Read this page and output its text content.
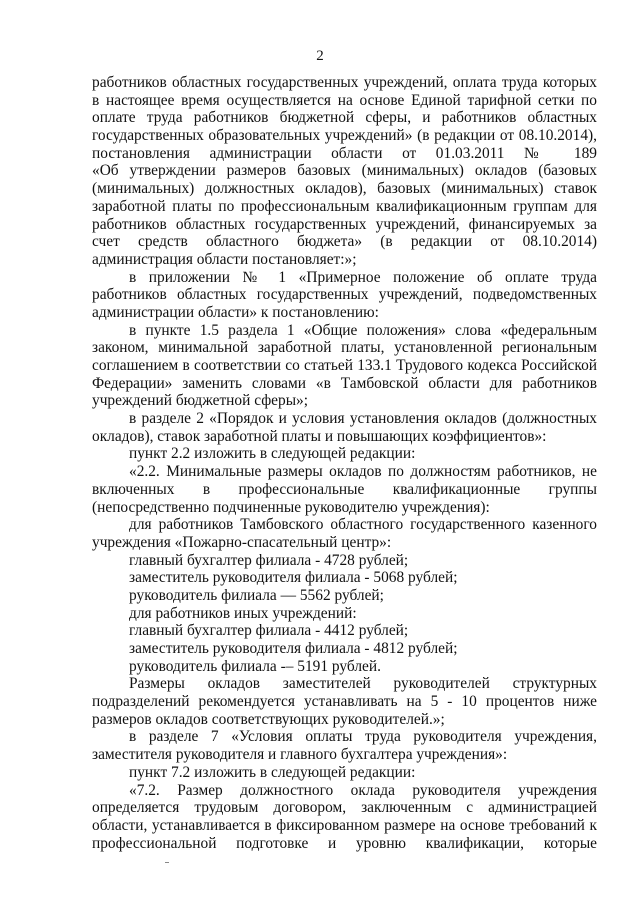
2
работников областных государственных учреждений, оплата труда которых
в настоящее время осуществляется на основе Единой тарифной сетки по
оплате труда работников бюджетной сферы, и работников областных
государственных образовательных учреждений» (в редакции от 08.10.2014),
постановления администрации области от 01.03.2011 № 189
«Об утверждении размеров базовых (минимальных) окладов (базовых
(минимальных) должностных окладов), базовых (минимальных) ставок
заработной платы по профессиональным квалификационным группам для
работников областных государственных учреждений, финансируемых за
счет средств областного бюджета» (в редакции от 08.10.2014)
администрация области постановляет:»;
в приложении № 1 «Примерное положение об оплате труда
работников областных государственных учреждений, подведомственных
администрации области» к постановлению:
в пункте 1.5 раздела 1 «Общие положения» слова «федеральным
законом, минимальной заработной платы, установленной региональным
соглашением в соответствии со статьей 133.1 Трудового кодекса Российской
Федерации» заменить словами «в Тамбовской области для работников
учреждений бюджетной сферы»;
в разделе 2 «Порядок и условия установления окладов (должностных
окладов), ставок заработной платы и повышающих коэффициентов»:
пункт 2.2 изложить в следующей редакции:
«2.2. Минимальные размеры окладов по должностям работников, не
включенных в профессиональные квалификационные группы
(непосредственно подчиненные руководителю учреждения):
для работников Тамбовского областного государственного казенного
учреждения «Пожарно-спасательный центр»:
главный бухгалтер филиала - 4728 рублей;
заместитель руководителя филиала - 5068 рублей;
руководитель филиала — 5562 рублей;
для работников иных учреждений:
главный бухгалтер филиала - 4412 рублей;
заместитель руководителя филиала - 4812 рублей;
руководитель филиала -– 5191 рублей.
Размеры окладов заместителей руководителей структурных
подразделений рекомендуется устанавливать на 5 - 10 процентов ниже
размеров окладов соответствующих руководителей.»;
в разделе 7 «Условия оплаты труда руководителя учреждения,
заместителя руководителя и главного бухгалтера учреждения»:
пункт 7.2 изложить в следующей редакции:
«7.2. Размер должностного оклада руководителя учреждения
определяется трудовым договором, заключенным с администрацией
области, устанавливается в фиксированном размере на основе требований к
профессиональной подготовке и уровню квалификации, которые
